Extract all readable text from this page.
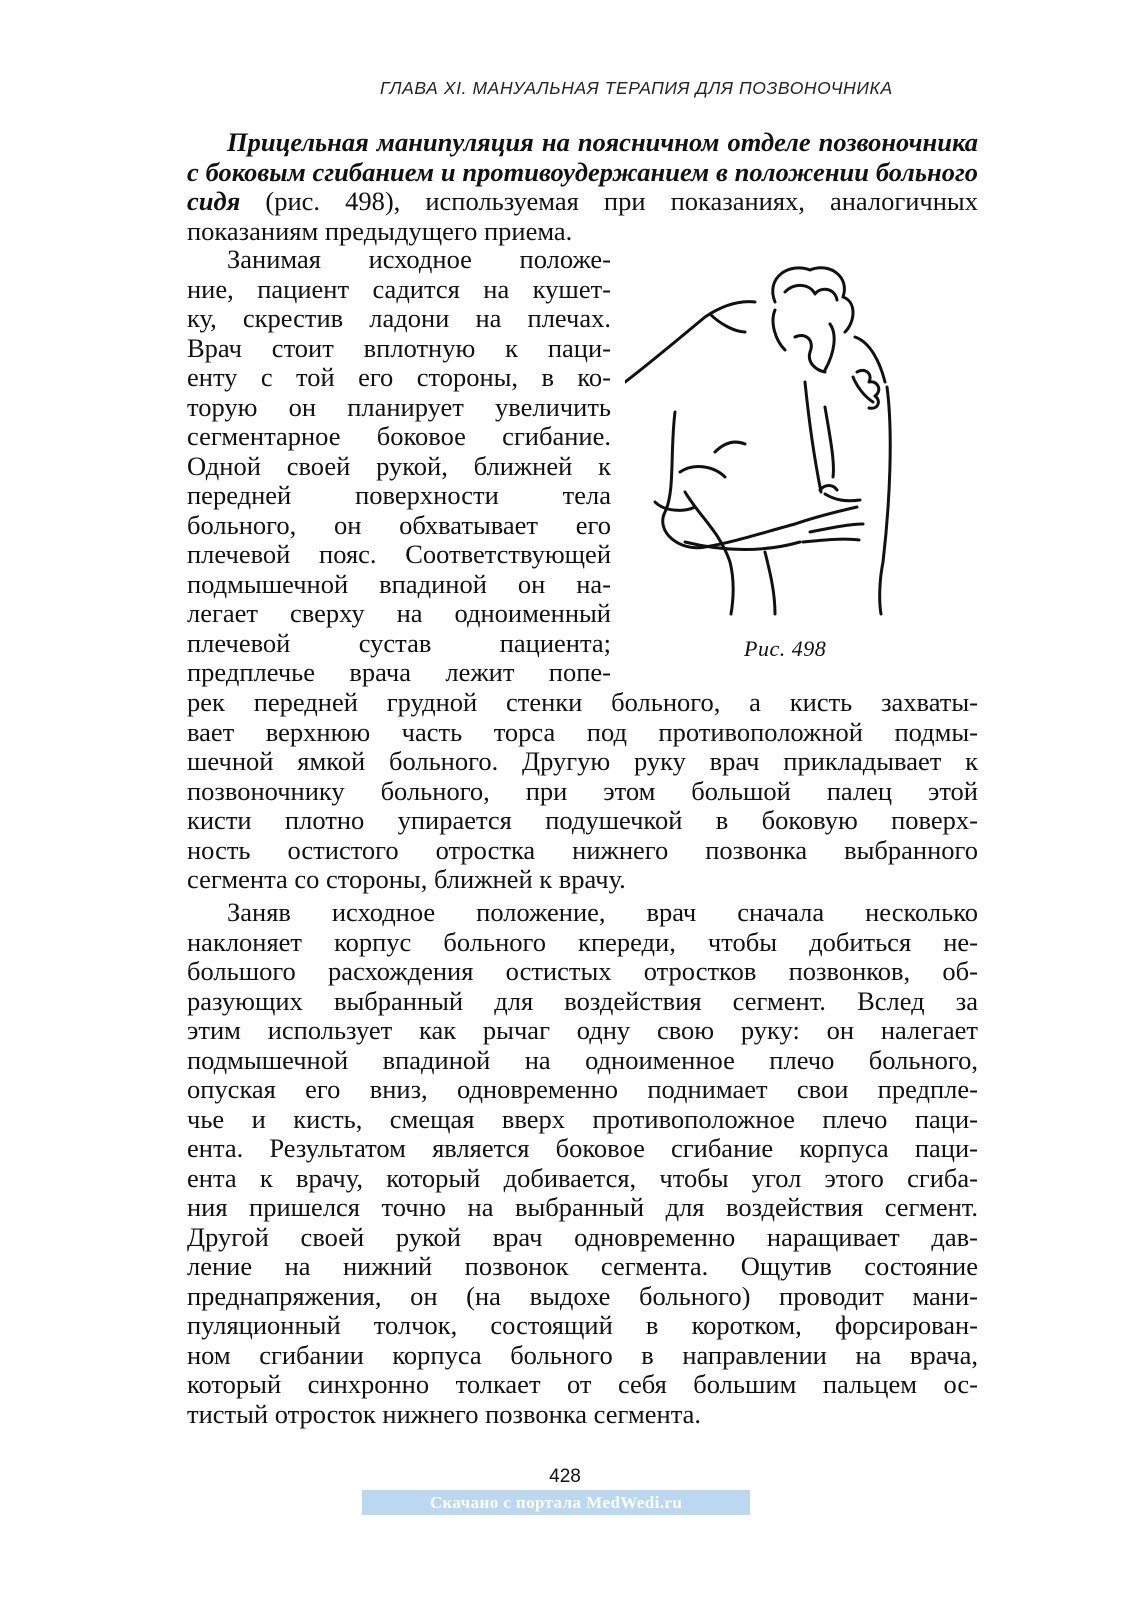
ГЛАВА XI. МАНУАЛЬНАЯ ТЕРАПИЯ ДЛЯ ПОЗВОНОЧНИКА

Прицельная манипуляция на поясничном отделе позвоночника с боковым сгибанием и противоудержанием в положении больного сидя (рис. 498), используемая при показаниях, аналогичных показаниям предыдущего приема.

Занимая исходное положе-
ние, пациент садится на кушет-
ку, скрестив ладони на плечах.
Врач стоит вплотную к паци-
енту с той его стороны, в ко-
торую он планирует увеличить
сегментарное боковое сгибание.
Одной своей рукой, ближней к
передней поверхности тела
больного, он обхватывает его
плечевой пояс. Соответствующей
подмышечной впадиной он на-
легает сверху на одноименный
плечевой сустав пациента;
предплечье врача лежит попе-
Рис. 498
рек передней грудной стенки больного, а кисть захваты-
вает верхнюю часть торса под противоположной подмы-
шечной ямкой больного. Другую руку врач прикладывает к
позвоночнику больного, при этом большой палец этой
кисти плотно упирается подушечкой в боковую поверх-
ность остистого отростка нижнего позвонка выбранного
сегмента со стороны, ближней к врачу.
Заняв исходное положение, врач сначала несколько
наклоняет корпус больного кпереди, чтобы добиться не-
большого расхождения остистых отростков позвонков, об-
разующих выбранный для воздействия сегмент. Вслед за
этим использует как рычаг одну свою руку: он налегает
подмышечной впадиной на одноименное плечо больного,
опуская его вниз, одновременно поднимает свои предпле-
чье и кисть, смещая вверх противоположное плечо паци-
ента. Результатом является боковое сгибание корпуса паци-
ента к врачу, который добивается, чтобы угол этого сгиба-
ния пришелся точно на выбранный для воздействия сегмент.
Другой своей рукой врач одновременно наращивает дав-
ление на нижний позвонок сегмента. Ощутив состояние
преднапряжения, он (на выдохе больного) проводит мани-
пуляционный толчок, состоящий в коротком, форсирован-
ном сгибании корпуса больного в направлении на врача,
который синхронно толкает от себя большим пальцем ос-
тистый отросток нижнего позвонка сегмента.
428
Скачано с портала MedWedi.ru
